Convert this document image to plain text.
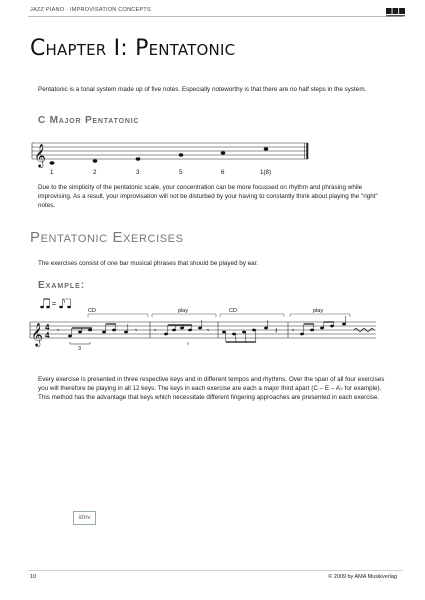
JAZZ PIANO · IMPROVISATION CONCEPTS
Chapter I: Pentatonic
Pentatonic is a tonal system made up of five notes. Especially noteworthy is that there are no half steps in the system.
C Major Pentatonic
𝄞
1	2	3	5	6	1(8)
Due to the simplicity of the pentatonic scale, your concentration can be more focussed on rhythm and phrasing while improvising. As a result, your improvisation will not be disturbed by your having to constantly think about playing the "right" notes.
Pentatonic Exercises
The exercises consist of one bar musical phrases that should be played by ear.
Example:
=
CD	play	CD	play
𝄞 4
4
𝄾	𝄾
3
𝄾	𝄾	𝄽 𝄾
Every exercise is presented in three respective keys and in different tempos and rhythms. Over the span of all four exercises you will therefore be playing in all 12 keys. The keys in each exercise are each a major third apart (C – E – A♭ for example). This method has the advantage that keys which necessitate different fingering approaches are presented in each exercise.
idnv
10	© 2009 by AMA Musikverlag
